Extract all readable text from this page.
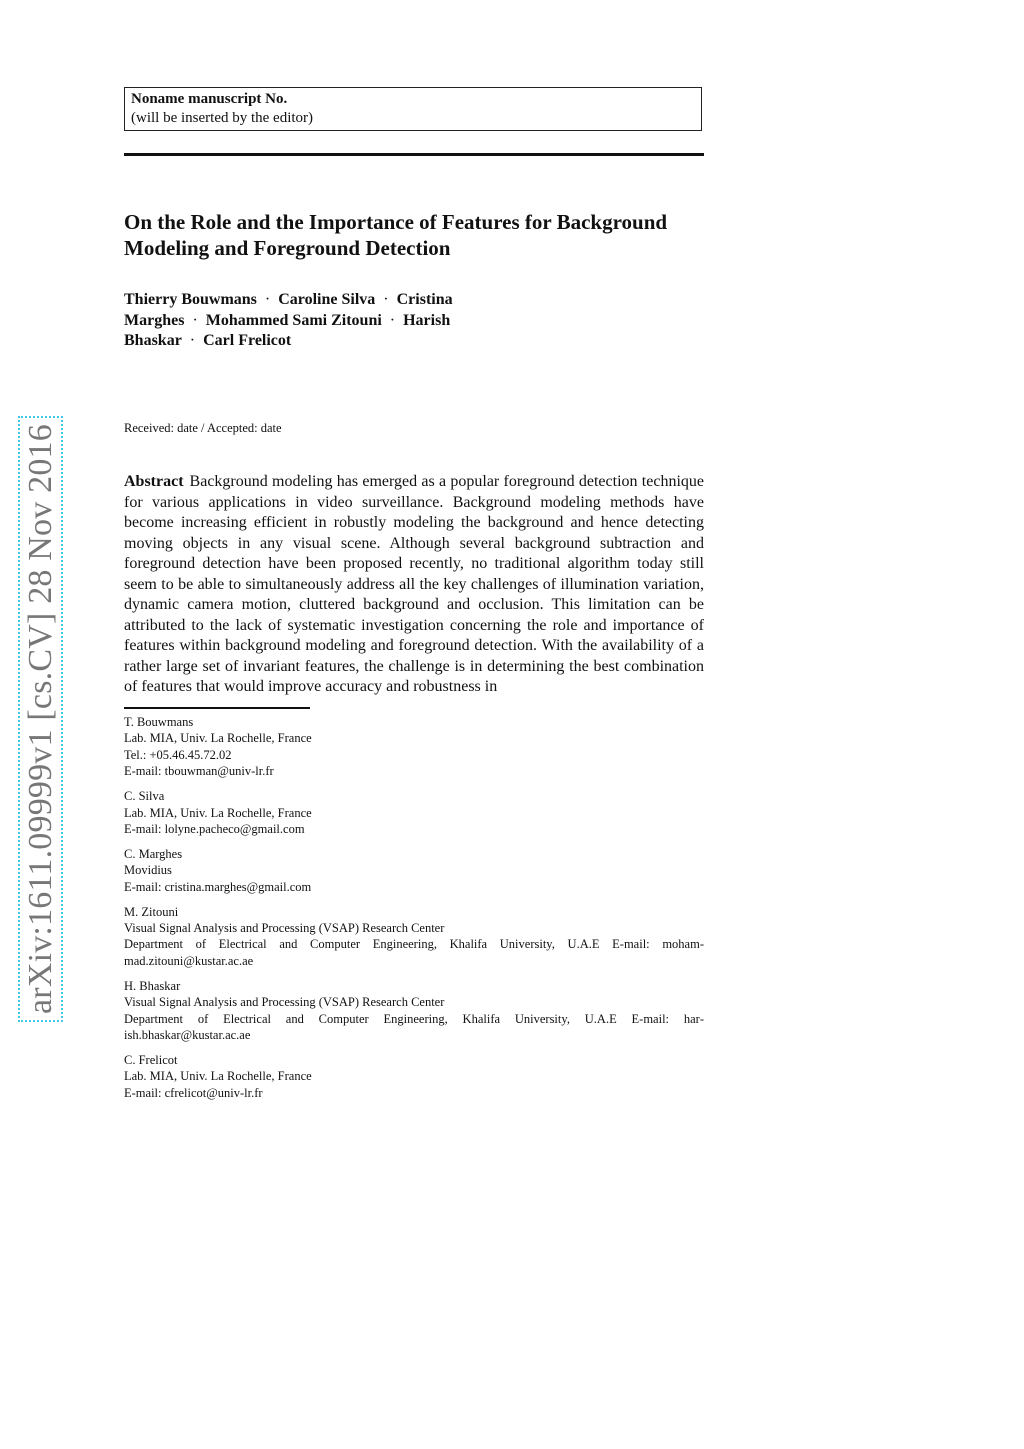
Noname manuscript No.
(will be inserted by the editor)
On the Role and the Importance of Features for Background
Modeling and Foreground Detection
Thierry Bouwmans · Caroline Silva · Cristina
Marghes · Mohammed Sami Zitouni · Harish
Bhaskar · Carl Frelicot
Received: date / Accepted: date

Abstract Background modeling has emerged as a popular foreground detection technique for various applications in video surveillance. Background modeling methods have become increasing efficient in robustly modeling the background and hence detecting moving objects in any visual scene. Although several background subtraction and foreground detection have been proposed recently, no traditional algorithm today still seem to be able to simultaneously address all the key challenges of illumination variation, dynamic camera motion, cluttered background and occlusion. This limitation can be attributed to the lack of systematic investigation concerning the role and importance of features within background modeling and foreground detection. With the availability of a rather large set of invariant features, the challenge is in determining the best combination of features that would improve accuracy and robustness in

T. Bouwmans
Lab. MIA, Univ. La Rochelle, France
Tel.: +05.46.45.72.02
E-mail: tbouwman@univ-lr.fr
C. Silva
Lab. MIA, Univ. La Rochelle, France
E-mail: lolyne.pacheco@gmail.com
C. Marghes
Movidius
E-mail: cristina.marghes@gmail.com
M. Zitouni
Visual Signal Analysis and Processing (VSAP) Research Center
Department of Electrical and Computer Engineering, Khalifa University, U.A.E E-mail: mohammad.zitouni@kustar.ac.ae
H. Bhaskar
Visual Signal Analysis and Processing (VSAP) Research Center
Department of Electrical and Computer Engineering, Khalifa University, U.A.E E-mail: harish.bhaskar@kustar.ac.ae
C. Frelicot
Lab. MIA, Univ. La Rochelle, France
E-mail: cfrelicot@univ-lr.fr
arXiv:1611.09999v1 [cs.CV] 28 Nov 2016
